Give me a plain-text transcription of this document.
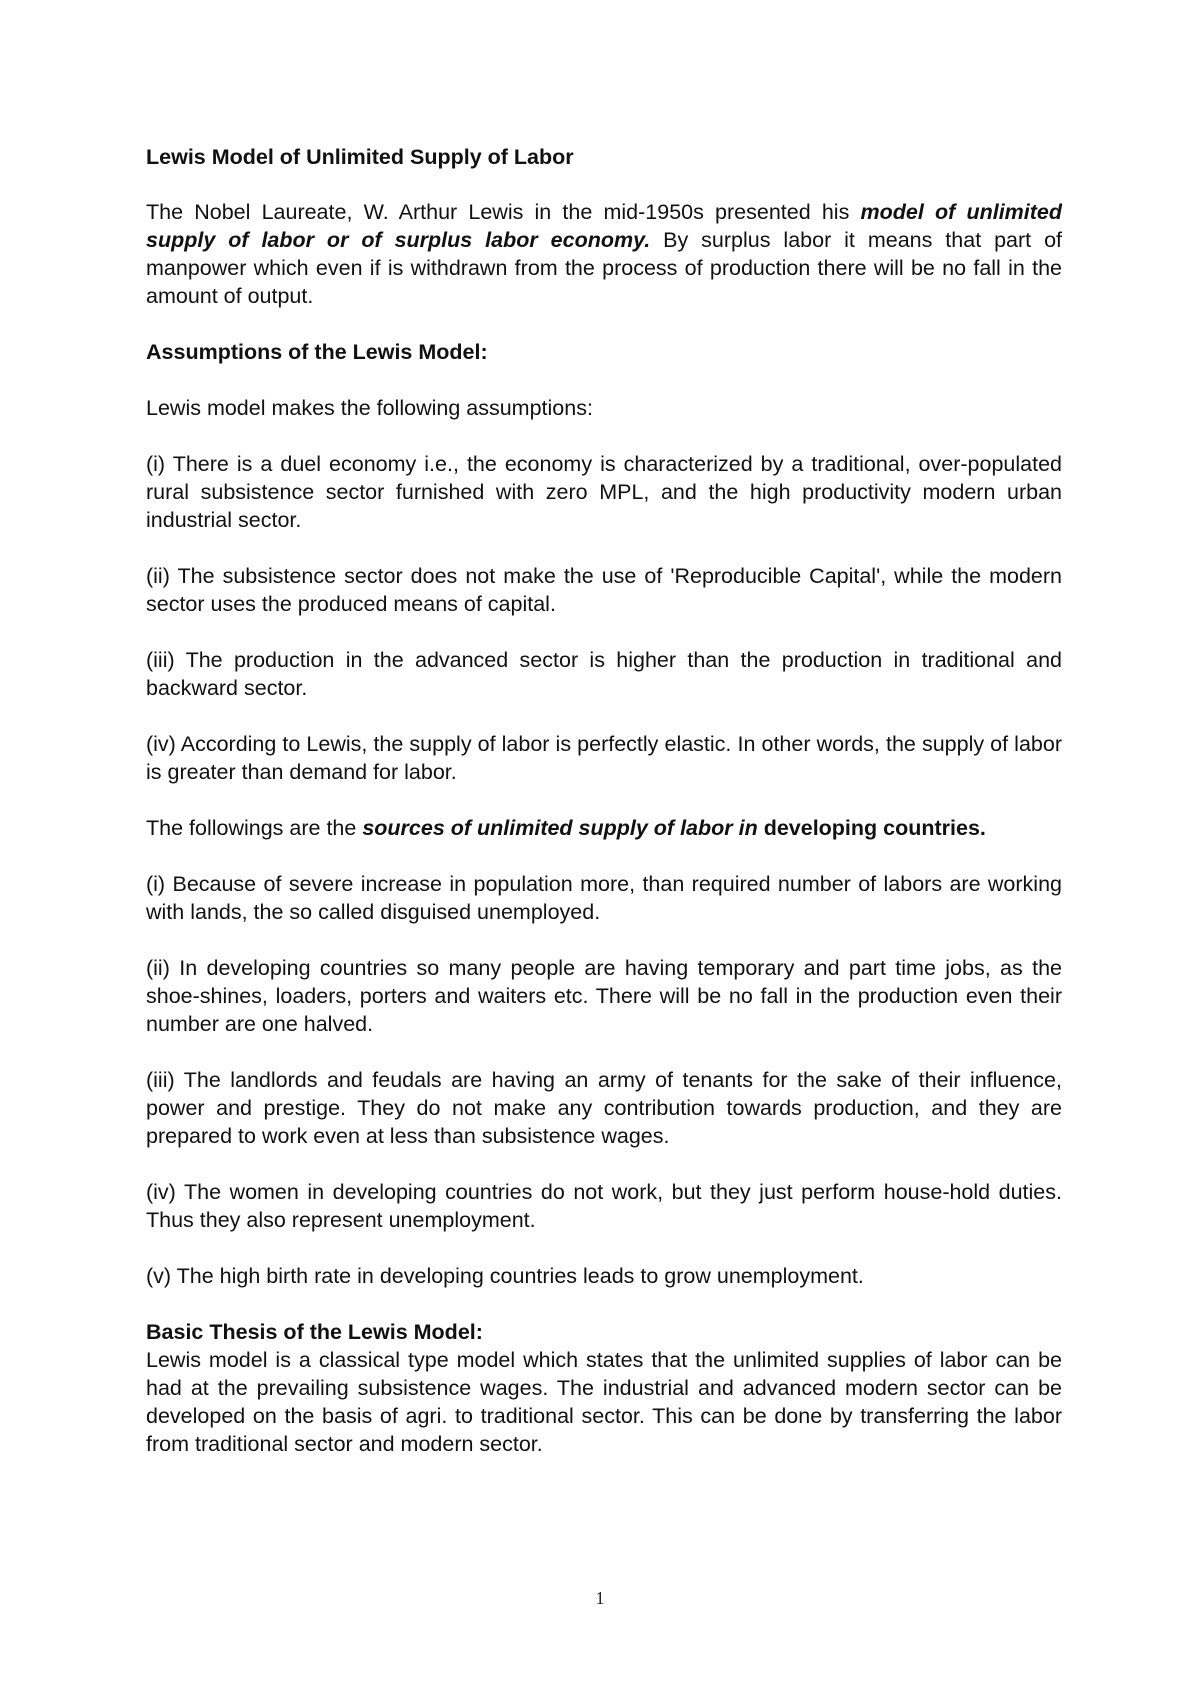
Lewis Model of Unlimited Supply of Labor

The Nobel Laureate, W. Arthur Lewis in the mid-1950s presented his model of unlimited supply of labor or of surplus labor economy. By surplus labor it means that part of manpower which even if is withdrawn from the process of production there will be no fall in the amount of output.

Assumptions of the Lewis Model:

Lewis model makes the following assumptions:

(i) There is a duel economy i.e., the economy is characterized by a traditional, over-populated rural subsistence sector furnished with zero MPL, and the high productivity modern urban industrial sector.

(ii) The subsistence sector does not make the use of 'Reproducible Capital', while the modern sector uses the produced means of capital.

(iii) The production in the advanced sector is higher than the production in traditional and backward sector.

(iv) According to Lewis, the supply of labor is perfectly elastic. In other words, the supply of labor is greater than demand for labor.

The followings are the sources of unlimited supply of labor in developing countries.

(i) Because of severe increase in population more, than required number of labors are working with lands, the so called disguised unemployed.

(ii) In developing countries so many people are having temporary and part time jobs, as the shoe-shines, loaders, porters and waiters etc. There will be no fall in the production even their number are one halved.

(iii) The landlords and feudals are having an army of tenants for the sake of their influence, power and prestige. They do not make any contribution towards production, and they are prepared to work even at less than subsistence wages.

(iv) The women in developing countries do not work, but they just perform house-hold duties. Thus they also represent unemployment.

(v) The high birth rate in developing countries leads to grow unemployment.

Basic Thesis of the Lewis Model:

Lewis model is a classical type model which states that the unlimited supplies of labor can be had at the prevailing subsistence wages. The industrial and advanced modern sector can be developed on the basis of agri. to traditional sector. This can be done by transferring the labor from traditional sector and modern sector.

1
